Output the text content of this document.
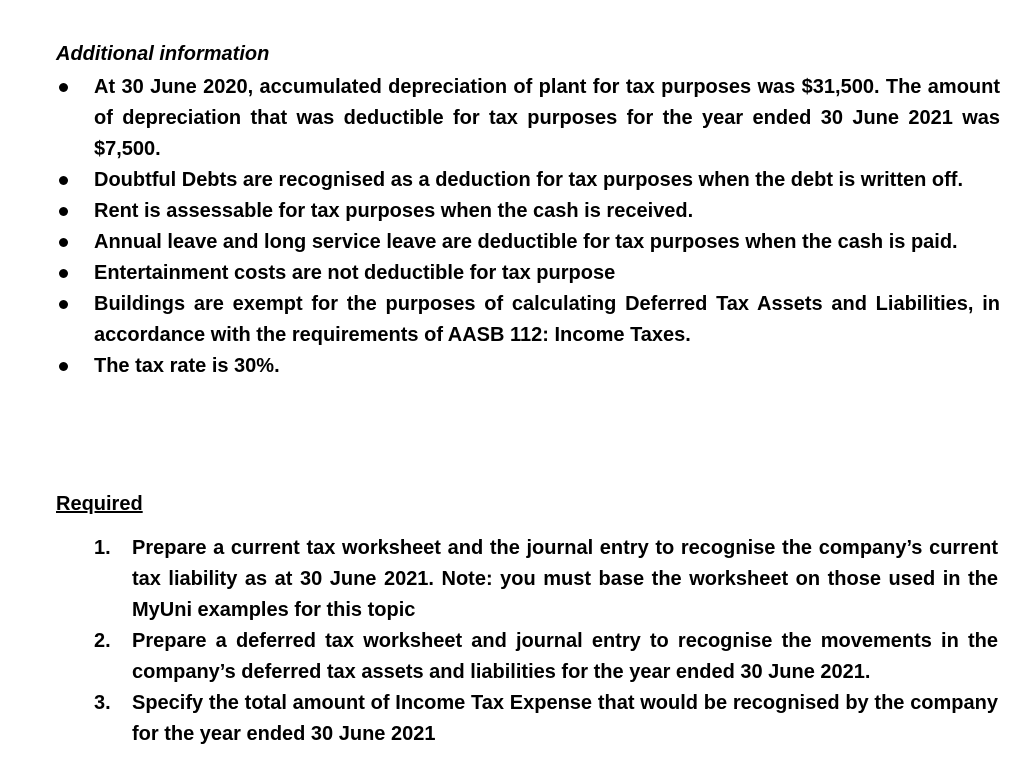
Additional information
At 30 June 2020, accumulated depreciation of plant for tax purposes was $31,500. The amount of depreciation that was deductible for tax purposes for the year ended 30 June 2021 was $7,500.
Doubtful Debts are recognised as a deduction for tax purposes when the debt is written off.
Rent is assessable for tax purposes when the cash is received.
Annual leave and long service leave are deductible for tax purposes when the cash is paid.
Entertainment costs are not deductible for tax purpose
Buildings are exempt for the purposes of calculating Deferred Tax Assets and Liabilities, in accordance with the requirements of AASB 112: Income Taxes.
The tax rate is 30%.
Required
1. Prepare a current tax worksheet and the journal entry to recognise the company’s current tax liability as at 30 June 2021. Note: you must base the worksheet on those used in the MyUni examples for this topic
2. Prepare a deferred tax worksheet and journal entry to recognise the movements in the company’s deferred tax assets and liabilities for the year ended 30 June 2021.
3. Specify the total amount of Income Tax Expense that would be recognised by the company for the year ended 30 June 2021
